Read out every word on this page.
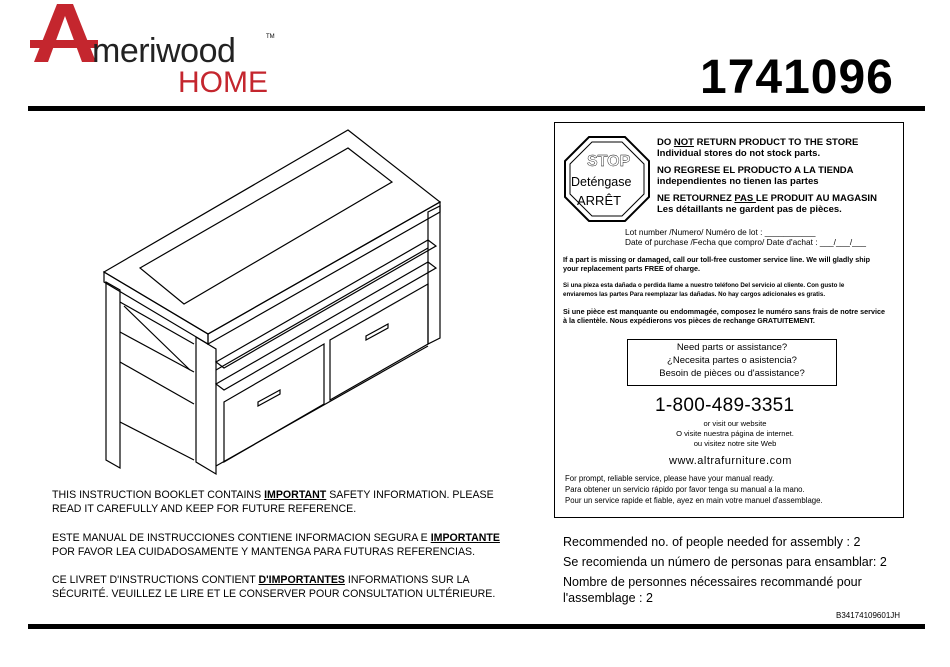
meriwood	TM
HOME	1741096
STOP
Deténgase
ARRÊT
DO NOT RETURN PRODUCT TO THE STORE
Individual stores do not stock parts.
NO REGRESE EL PRODUCTO A LA TIENDA
independientes no tienen las partes
NE RETOURNEZ PAS LE PRODUIT AU MAGASIN
Les détaillants ne gardent pas de pièces.
Lot number /Numero/ Numéro de lot : ___________
Date of purchase /Fecha que compro/ Date d'achat : ___/___/___
If a part is missing or damaged, call our toll-free customer service line. We will gladly ship your replacement parts FREE of charge.
Si una pieza esta dañada o perdida llame a nuestro teléfono Del servicio al cliente. Con gusto le enviaremos las partes Para reemplazar las dañadas. No hay cargos adicionales es gratis.
Si une pièce est manquante ou endommagée, composez le numéro sans frais de notre service à la clientèle. Nous expédierons vos pièces de rechange GRATUITEMENT.
Need parts or assistance?
¿Necesita partes o asistencia?
Besoin de pièces ou d'assistance?
1-800-489-3351
or visit our website
O visite nuestra página de internet.
ou visitez notre site Web
www.altrafurniture.com
For prompt, reliable service, please have your manual ready.
Para obtener un servicio rápido por favor tenga su manual a la mano.
Pour un service rapide et fiable, ayez en main votre manuel d'assemblage.
THIS INSTRUCTION BOOKLET CONTAINS IMPORTANT SAFETY INFORMATION. PLEASE
READ IT CAREFULLY AND KEEP FOR FUTURE REFERENCE.
ESTE MANUAL DE INSTRUCCIONES CONTIENE INFORMACION SEGURA E IMPORTANTE
POR FAVOR LEA CUIDADOSAMENTE Y MANTENGA PARA FUTURAS REFERENCIAS.
CE LIVRET D'INSTRUCTIONS CONTIENT D'IMPORTANTES INFORMATIONS SUR LA
SÉCURITÉ. VEUILLEZ LE LIRE ET LE CONSERVER POUR CONSULTATION ULTÉRIEURE.
Recommended no. of people needed for assembly : 2
Se recomienda un número de personas para ensamblar: 2
Nombre de personnes nécessaires recommandé pour l'assemblage : 2
B34174109601JH
